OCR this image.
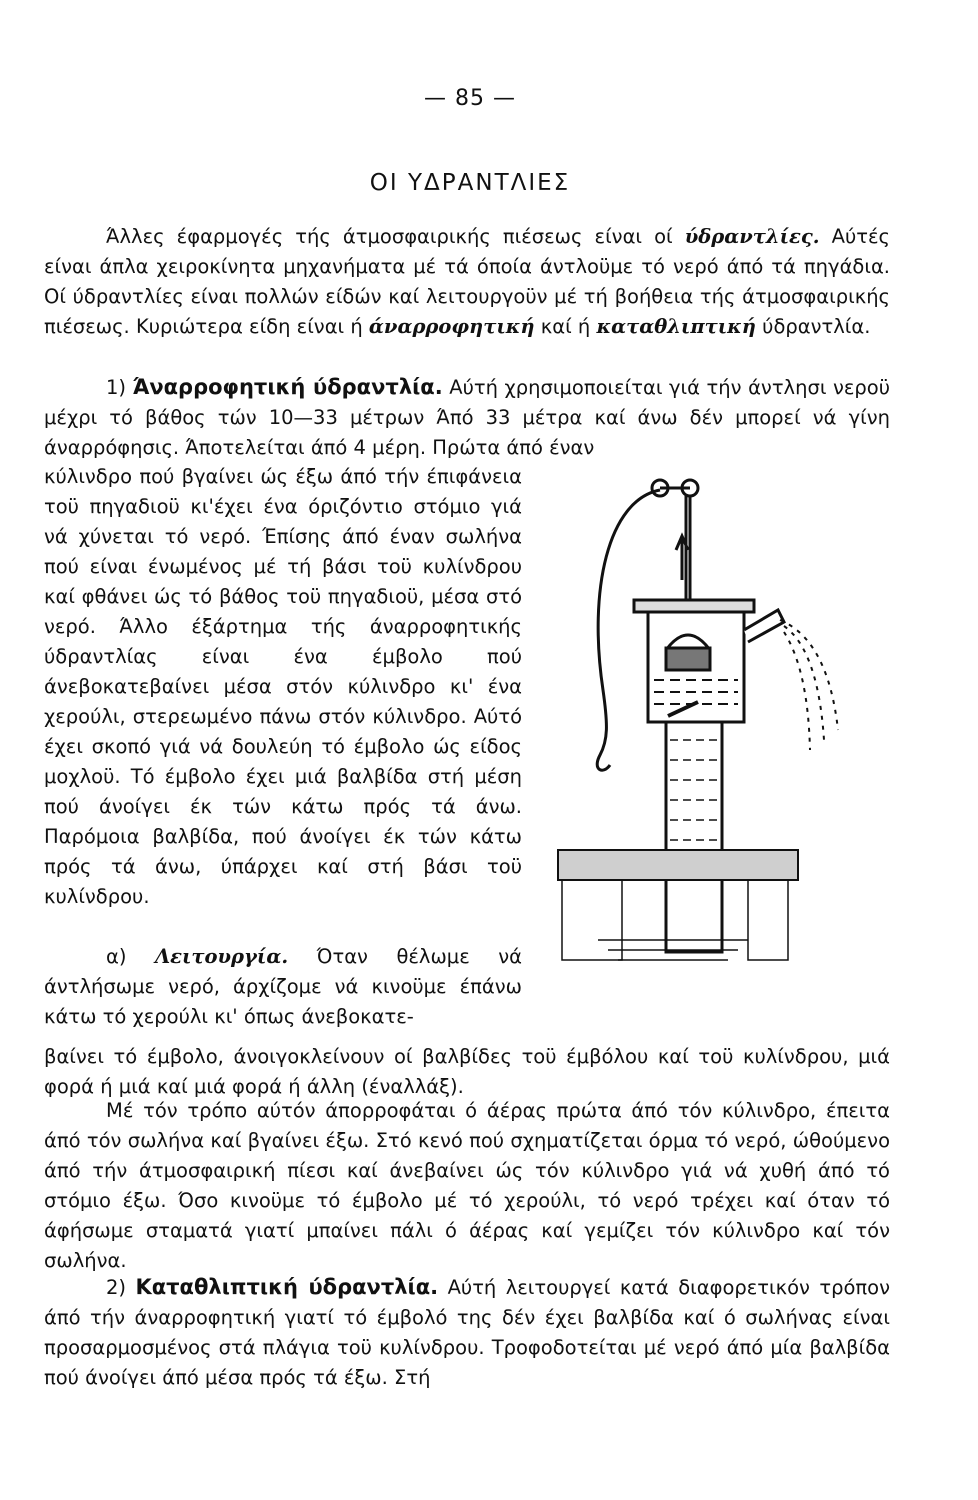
— 85 —
ΟΙ ΥΔΡΑΝΤΛΙΕΣ

Άλλες έφαρμογές τής άτμοσφαιρικής πιέσεως είναι οί ύδραντλίες. Αύτές είναι άπλα χειροκίνητα μηχανήματα μέ τά όποία άντλοϋμε τό νερό άπό τά πηγάδια. Οί ύδραντλίες είναι πολλών είδών καί λειτουργοϋν μέ τή βοήθεια τής άτμοσφαιρικής πιέσεως. Κυριώτερα είδη είναι ή άναρροφητική καί ή καταθλιπτική ύδραντλία.

1) Άναρροφητική ύδραντλία. Αύτή χρησιμοποιείται γιά τήν άντλησι νεροϋ μέχρι τό βάθος τών 10—33 μέτρων Άπό 33 μέτρα καί άνω δέν μπορεί νά γίνη άναρρόφησις. Άποτελείται άπό 4 μέρη. Πρώτα άπό έναν

κύλινδρο πού βγαίνει ώς έξω άπό τήν έπιφάνεια τοϋ πηγαδιοϋ κι'έχει ένα όριζόντιο στόμιο γιά νά χύνεται τό νερό. Έπίσης άπό έναν σωλήνα πού είναι ένωμένος μέ τή βάσι τοϋ κυλίνδρου καί φθάνει ώς τό βάθος τοϋ πηγαδιοϋ, μέσα στό νερό. Άλλο έξάρτημα τής άναρροφητικής ύδραντλίας είναι ένα έμβολο πού άνεβοκατεβαίνει μέσα στόν κύλινδρο κι' ένα χερούλι, στερεωμένο πάνω στόν κύλινδρο. Αύτό έχει σκοπό γιά νά δουλεύη τό έμβολο ώς είδος μοχλοϋ. Τό έμβολο έχει μιά βαλβίδα στή μέση πού άνοίγει έκ τών κάτω πρός τά άνω. Παρόμοια βαλβίδα, πού άνοίγει έκ τών κάτω πρός τά άνω, ύπάρχει καί στή βάσι τοϋ κυλίνδρου.

α) Λειτουργία. Όταν θέλωμε νά άντλήσωμε νερό, άρχίζομε νά κινοϋμε έπάνω κάτω τό χερούλι κι' όπως άνεβοκατε-

βαίνει τό έμβολο, άνοιγοκλείνουν οί βαλβίδες τοϋ έμβόλου καί τοϋ κυλίνδρου, μιά φορά ή μιά καί μιά φορά ή άλλη (έναλλάξ).

Μέ τόν τρόπο αύτόν άπορροφάται ό άέρας πρώτα άπό τόν κύλινδρο, έπειτα άπό τόν σωλήνα καί βγαίνει έξω. Στό κενό πού σχηματίζεται όρμα τό νερό, ώθούμενο άπό τήν άτμοσφαιρική πίεσι καί άνεβαίνει ώς τόν κύλινδρο γιά νά χυθή άπό τό στόμιο έξω. Όσο κινοϋμε τό έμβολο μέ τό χερούλι, τό νερό τρέχει καί όταν τό άφήσωμε σταματά γιατί μπαίνει πάλι ό άέρας καί γεμίζει τόν κύλινδρο καί τόν σωλήνα.

2) Καταθλιπτική ύδραντλία. Αύτή λειτουργεί κατά διαφορετικόν τρόπον άπό τήν άναρροφητική γιατί τό έμβολό της δέν έχει βαλβίδα καί ό σωλήνας είναι προσαρμοσμένος στά πλάγια τοϋ κυλίνδρου. Τροφοδοτείται μέ νερό άπό μία βαλβίδα πού άνοίγει άπό μέσα πρός τά έξω. Στή
